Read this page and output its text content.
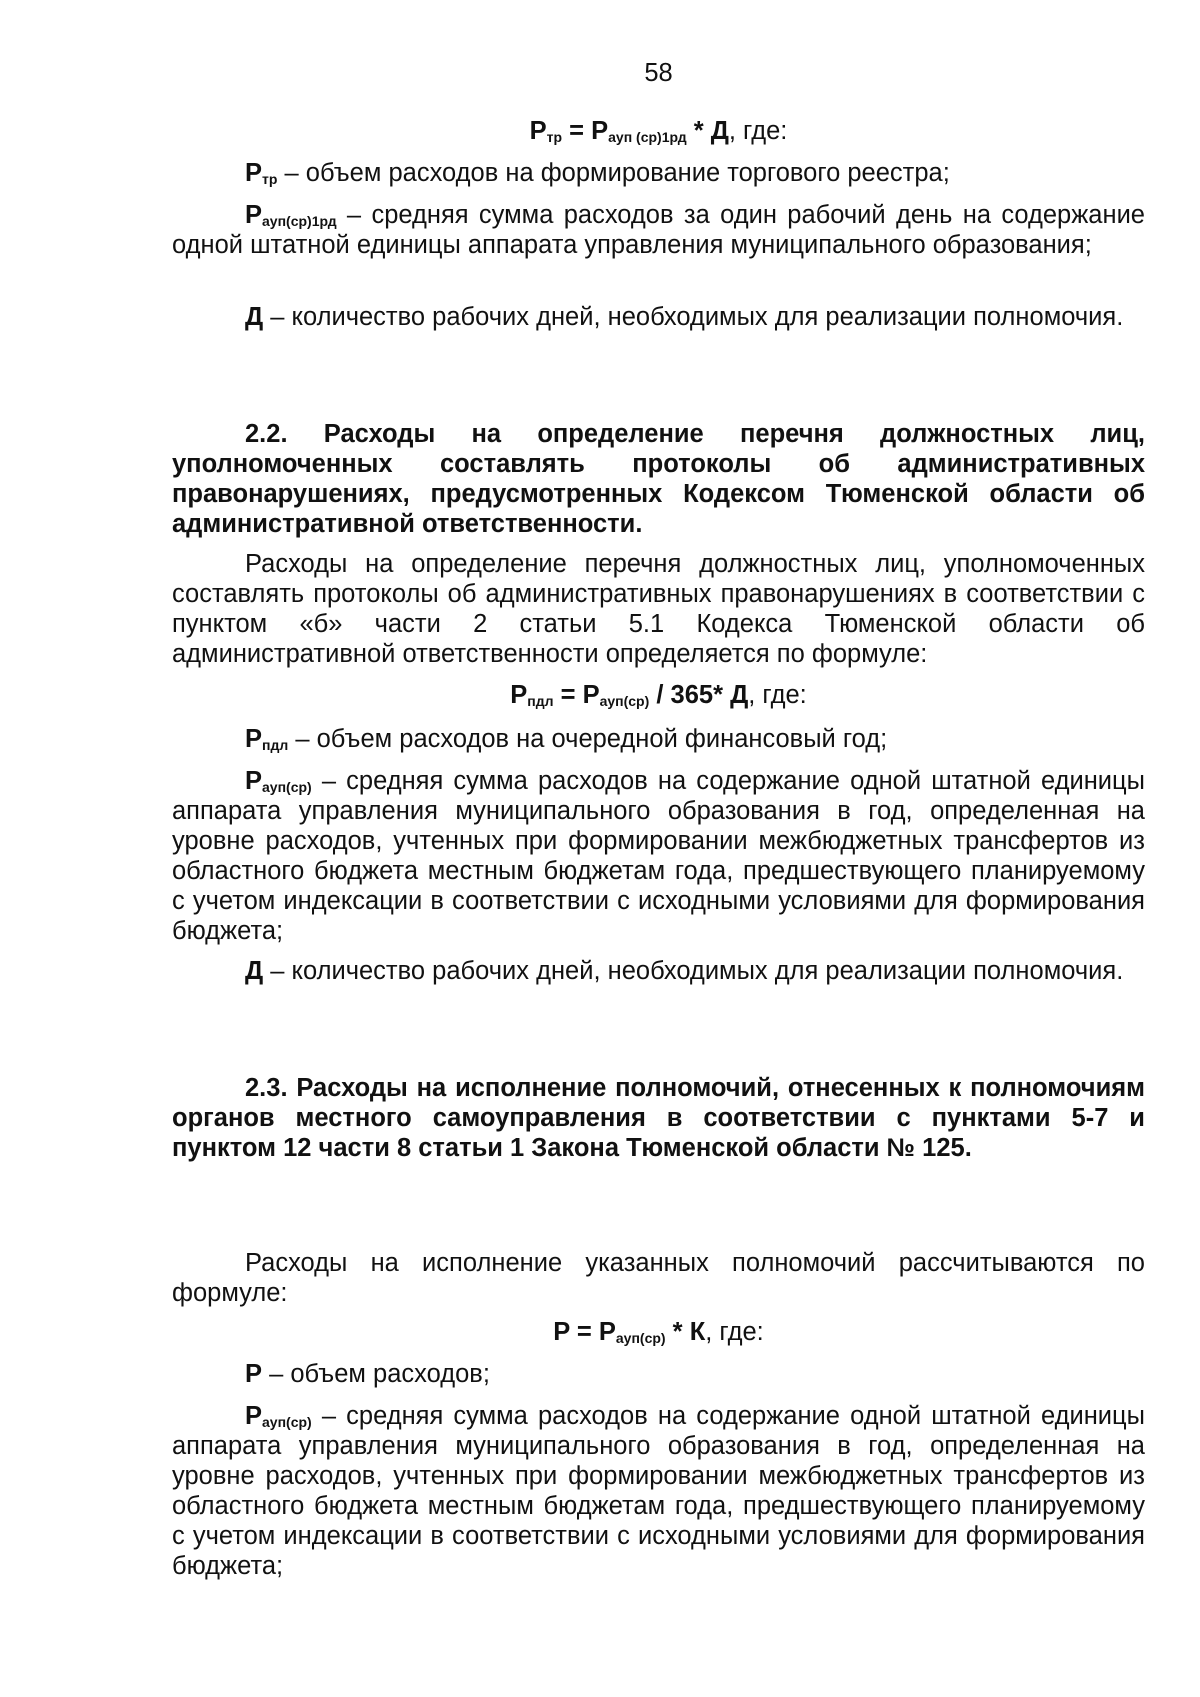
58
$P_{тр} = P_{ауп (ср)1рд} * Д$, где:

$P_{тр}$ – объем расходов на формирование торгового реестра;

$P_{ауп(ср)1рд}$ – средняя сумма расходов за один рабочий день на содержание одной штатной единицы аппарата управления муниципального образования;

Д – количество рабочих дней, необходимых для реализации полномочия.

2.2. Расходы на определение перечня должностных лиц, уполномоченных составлять протоколы об административных правонарушениях, предусмотренных Кодексом Тюменской области об административной ответственности.

Расходы на определение перечня должностных лиц, уполномоченных составлять протоколы об административных правонарушениях в соответствии с пунктом «б» части 2 статьи 5.1 Кодекса Тюменской области об административной ответственности определяется по формуле:

$P_{пдл} = P_{ауп(ср)} / 365*$ Д, где:

$P_{пдл}$ – объем расходов на очередной финансовый год;

$P_{ауп(ср)}$ – средняя сумма расходов на содержание одной штатной единицы аппарата управления муниципального образования в год, определенная на уровне расходов, учтенных при формировании межбюджетных трансфертов из областного бюджета местным бюджетам года, предшествующего планируемому с учетом индексации в соответствии с исходными условиями для формирования бюджета;

Д – количество рабочих дней, необходимых для реализации полномочия.

2.3. Расходы на исполнение полномочий, отнесенных к полномочиям органов местного самоуправления в соответствии с пунктами 5-7 и пунктом 12 части 8 статьи 1 Закона Тюменской области № 125.

Расходы на исполнение указанных полномочий рассчитываются по формуле:

$P = P_{ауп(ср)} * К$, где:

P – объем расходов;

$P_{ауп(ср)}$ – средняя сумма расходов на содержание одной штатной единицы аппарата управления муниципального образования в год, определенная на уровне расходов, учтенных при формировании межбюджетных трансфертов из областного бюджета местным бюджетам года, предшествующего планируемому с учетом индексации в соответствии с исходными условиями для формирования бюджета;
